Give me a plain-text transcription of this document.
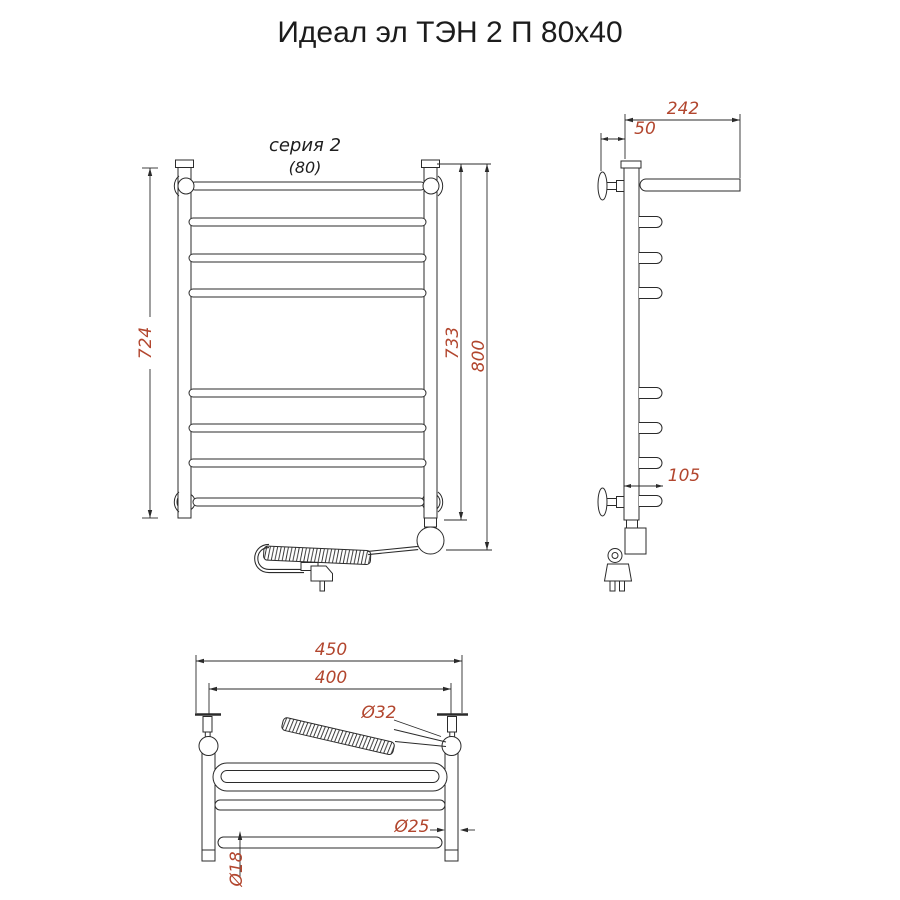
Идеал эл ТЭН 2 П 80x40
серия 2
(80)
724	733 800
242
50
105
450
400
Ø32
Ø25
Ø18
